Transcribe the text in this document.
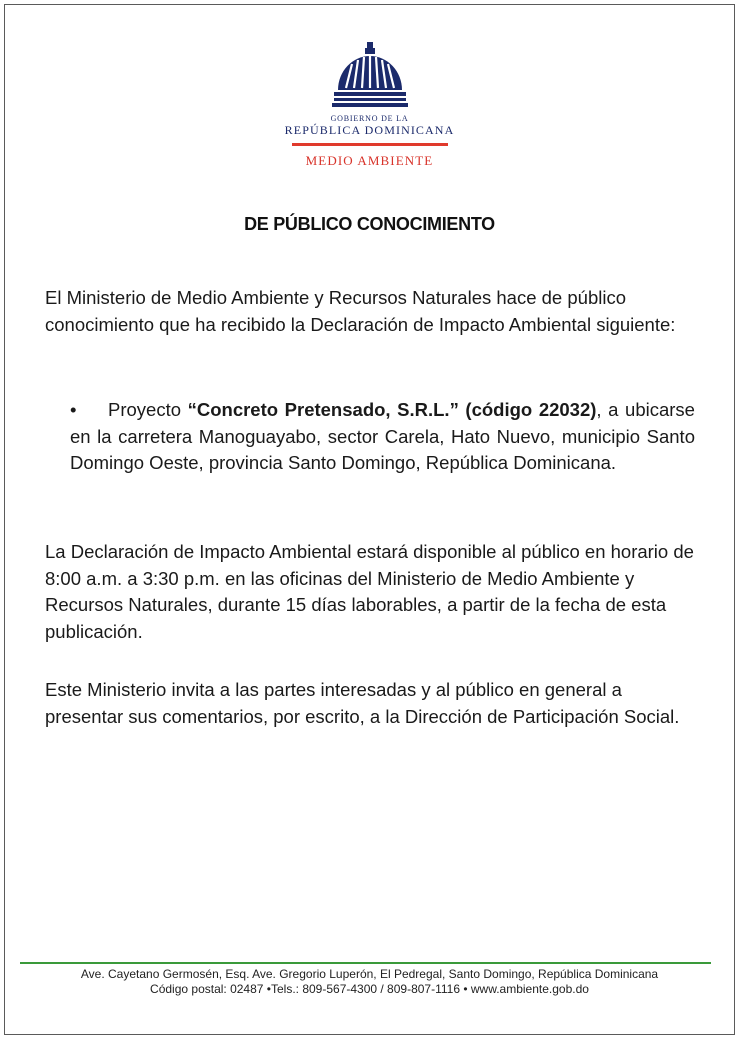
GOBIERNO DE LA
REPÚBLICA DOMINICANA
MEDIO AMBIENTE
DE PÚBLICO CONOCIMIENTO
El Ministerio de Medio Ambiente y Recursos Naturales hace de público conocimiento que ha recibido la Declaración de Impacto Ambiental siguiente:
• Proyecto “Concreto Pretensado, S.R.L.” (código 22032), a ubicarse en la carretera Manoguayabo, sector Carela, Hato Nuevo, municipio Santo Domingo Oeste, provincia Santo Domingo, República Dominicana.
La Declaración de Impacto Ambiental estará disponible al público en horario de 8:00 a.m. a 3:30 p.m. en las oficinas del Ministerio de Medio Ambiente y Recursos Naturales, durante 15 días laborables, a partir de la fecha de esta publicación.
Este Ministerio invita a las partes interesadas y al público en general a presentar sus comentarios, por escrito, a la Dirección de Participación Social.
Ave. Cayetano Germosén, Esq. Ave. Gregorio Luperón, El Pedregal, Santo Domingo, República Dominicana
Código postal: 02487 •Tels.: 809-567-4300 / 809-807-1116 • www.ambiente.gob.do
